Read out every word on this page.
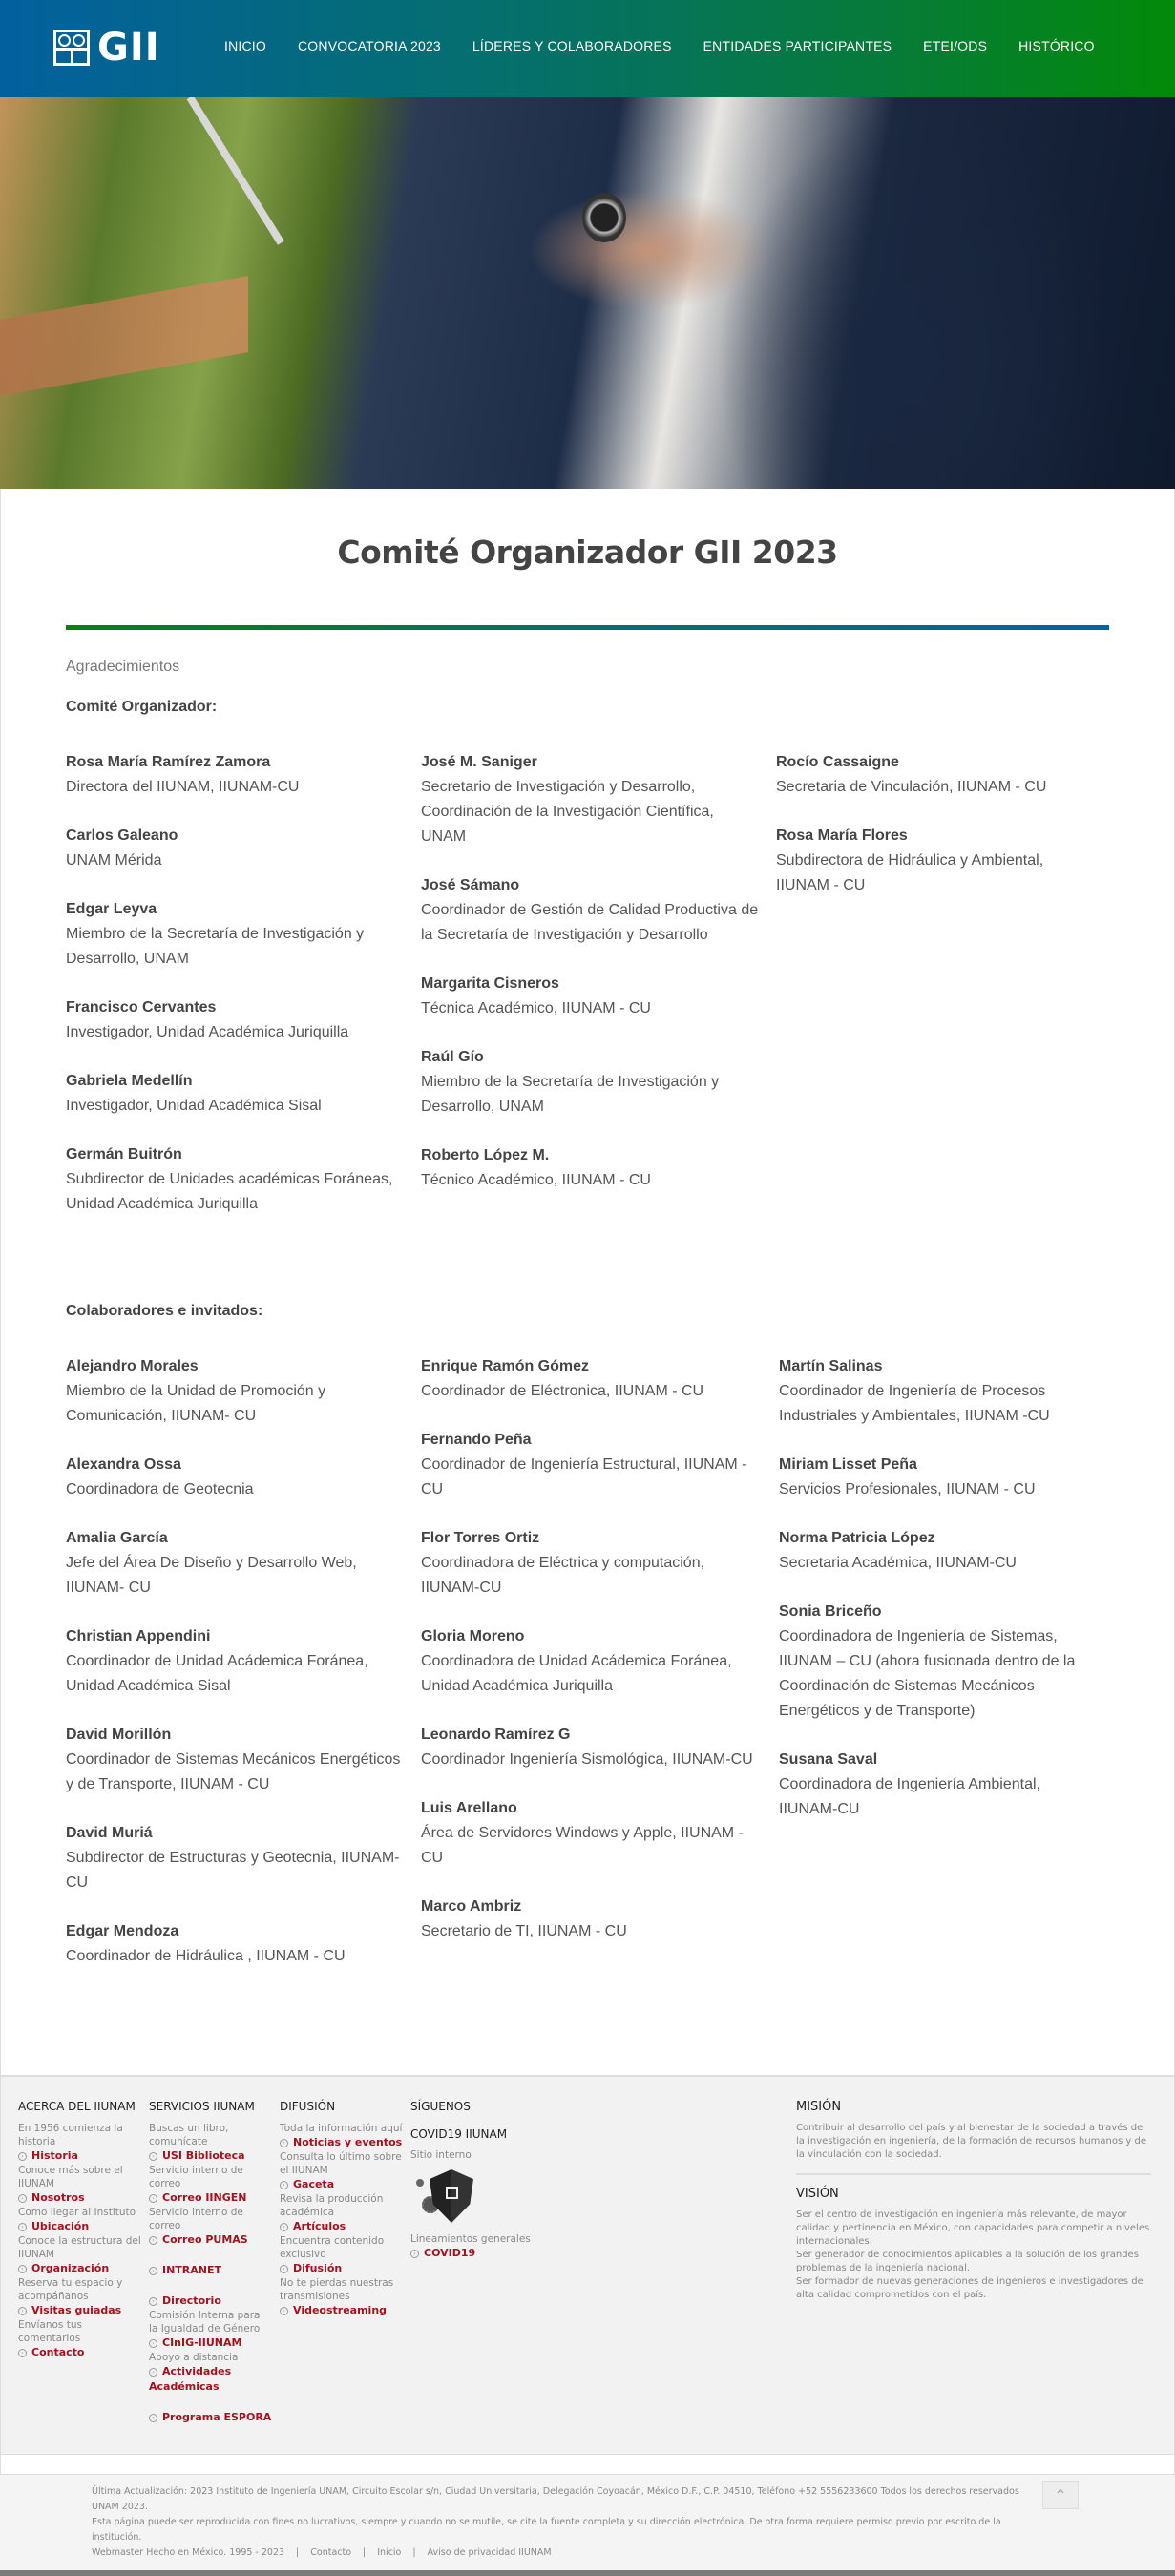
GII	INICIO CONVOCATORIA 2023 LÍDERES Y COLABORADORES ENTIDADES PARTICIPANTES ETEI/ODS HISTÓRICO
Comité Organizador GII 2023
Agradecimientos
Comité Organizador:
Rosa María Ramírez Zamora
Directora del IIUNAM, IIUNAM-CU
Carlos Galeano
UNAM Mérida
Edgar Leyva
Miembro de la Secretaría de Investigación y Desarrollo, UNAM
Francisco Cervantes
Investigador, Unidad Académica Juriquilla
Gabriela Medellín
Investigador, Unidad Académica Sisal
Germán Buitrón
Subdirector de Unidades académicas Foráneas, Unidad Académica Juriquilla
José M. Saniger
Secretario de Investigación y Desarrollo, Coordinación de la Investigación Científica, UNAM
José Sámano
Coordinador de Gestión de Calidad Productiva de la Secretaría de Investigación y Desarrollo
Margarita Cisneros
Técnica Académico, IIUNAM - CU
Raúl Gío
Miembro de la Secretaría de Investigación y Desarrollo, UNAM
Roberto López M.
Técnico Académico, IIUNAM - CU
Rocío Cassaigne
Secretaria de Vinculación, IIUNAM - CU
Rosa María Flores
Subdirectora de Hidráulica y Ambiental, IIUNAM - CU
Colaboradores e invitados:
Alejandro Morales
Miembro de la Unidad de Promoción y Comunicación, IIUNAM- CU
Alexandra Ossa
Coordinadora de Geotecnia
Amalia García
Jefe del Área De Diseño y Desarrollo Web, IIUNAM- CU
Christian Appendini
Coordinador de Unidad Acádemica Foránea, Unidad Académica Sisal
David Morillón
Coordinador de Sistemas Mecánicos Energéticos y de Transporte, IIUNAM - CU
David Muriá
Subdirector de Estructuras y Geotecnia, IIUNAM- CU
Edgar Mendoza
Coordinador de Hidráulica , IIUNAM - CU
Enrique Ramón Gómez
Coordinador de Eléctronica, IIUNAM - CU
Fernando Peña
Coordinador de Ingeniería Estructural, IIUNAM - CU
Flor Torres Ortiz
Coordinadora de Eléctrica y computación, IIUNAM-CU
Gloria Moreno
Coordinadora de Unidad Acádemica Foránea, Unidad Académica Juriquilla
Leonardo Ramírez G
Coordinador Ingeniería Sismológica, IIUNAM-CU
Luis Arellano
Área de Servidores Windows y Apple, IIUNAM - CU
Marco Ambriz
Secretario de TI, IIUNAM - CU
Martín Salinas
Coordinador de Ingeniería de Procesos Industriales y Ambientales, IIUNAM -CU
Miriam Lisset Peña
Servicios Profesionales, IIUNAM - CU
Norma Patricia López
Secretaria Académica, IIUNAM-CU
Sonia Briceño
Coordinadora de Ingeniería de Sistemas, IIUNAM – CU (ahora fusionada dentro de la Coordinación de Sistemas Mecánicos Energéticos y de Transporte)
Susana Saval
Coordinadora de Ingeniería Ambiental, IIUNAM-CU
ACERCA DEL IIUNAM
En 1956 comienza la historia
› Historia
Conoce más sobre el IIUNAM
› Nosotros
Como llegar al Instituto
› Ubicación
Conoce la estructura del IIUNAM
› Organización
Reserva tu espacio y acompáñanos
› Visitas guiadas
Envíanos tus comentarios
› Contacto
SERVICIOS IIUNAM
Buscas un libro, comunícate
› USI Biblioteca
Servicio interno de correo
› Correo IINGEN
Servicio interno de correo
› Correo PUMAS
› INTRANET
› Directorio
Comisión Interna para la Igualdad de Género
› CInIG-IIUNAM
Apoyo a distancia
› Actividades Académicas
› Programa ESPORA
DIFUSIÓN
Toda la información aquí
› Noticias y eventos
Consulta lo último sobre el IIUNAM
› Gaceta
Revisa la producción académica
› Artículos
Encuentra contenido exclusivo
› Difusión
No te pierdas nuestras transmisiones
› Videostreaming
SÍGUENOS
COVID19 IIUNAM
Sitio interno
Lineamientos generales
› COVID19
MISIÓN

Contribuir al desarrollo del país y al bienestar de la sociedad a través de la investigación en ingeniería, de la formación de recursos humanos y de la vinculación con la sociedad.

VISIÓN

Ser el centro de investigación en ingeniería más relevante, de mayor calidad y pertinencia en México, con capacidades para competir a niveles internacionales.

Ser generador de conocimientos aplicables a la solución de los grandes problemas de la ingeniería nacional.

Ser formador de nuevas generaciones de ingenieros e investigadores de alta calidad comprometidos con el país.

Última Actualización: 2023 Instituto de Ingeniería UNAM, Circuito Escolar s/n, Ciudad Universitaria, Delegación Coyoacán, México D.F., C.P. 04510, Teléfono +52 5556233600 Todos los derechos reservados UNAM 2023.
Esta página puede ser reproducida con fines no lucrativos, siempre y cuando no se mutile, se cite la fuente completa y su dirección electrónica. De otra forma requiere permiso previo por escrito de la institución.
Webmaster Hecho en México. 1995 - 2023 | Contacto | Inicio | Aviso de privacidad IIUNAM
⌃
